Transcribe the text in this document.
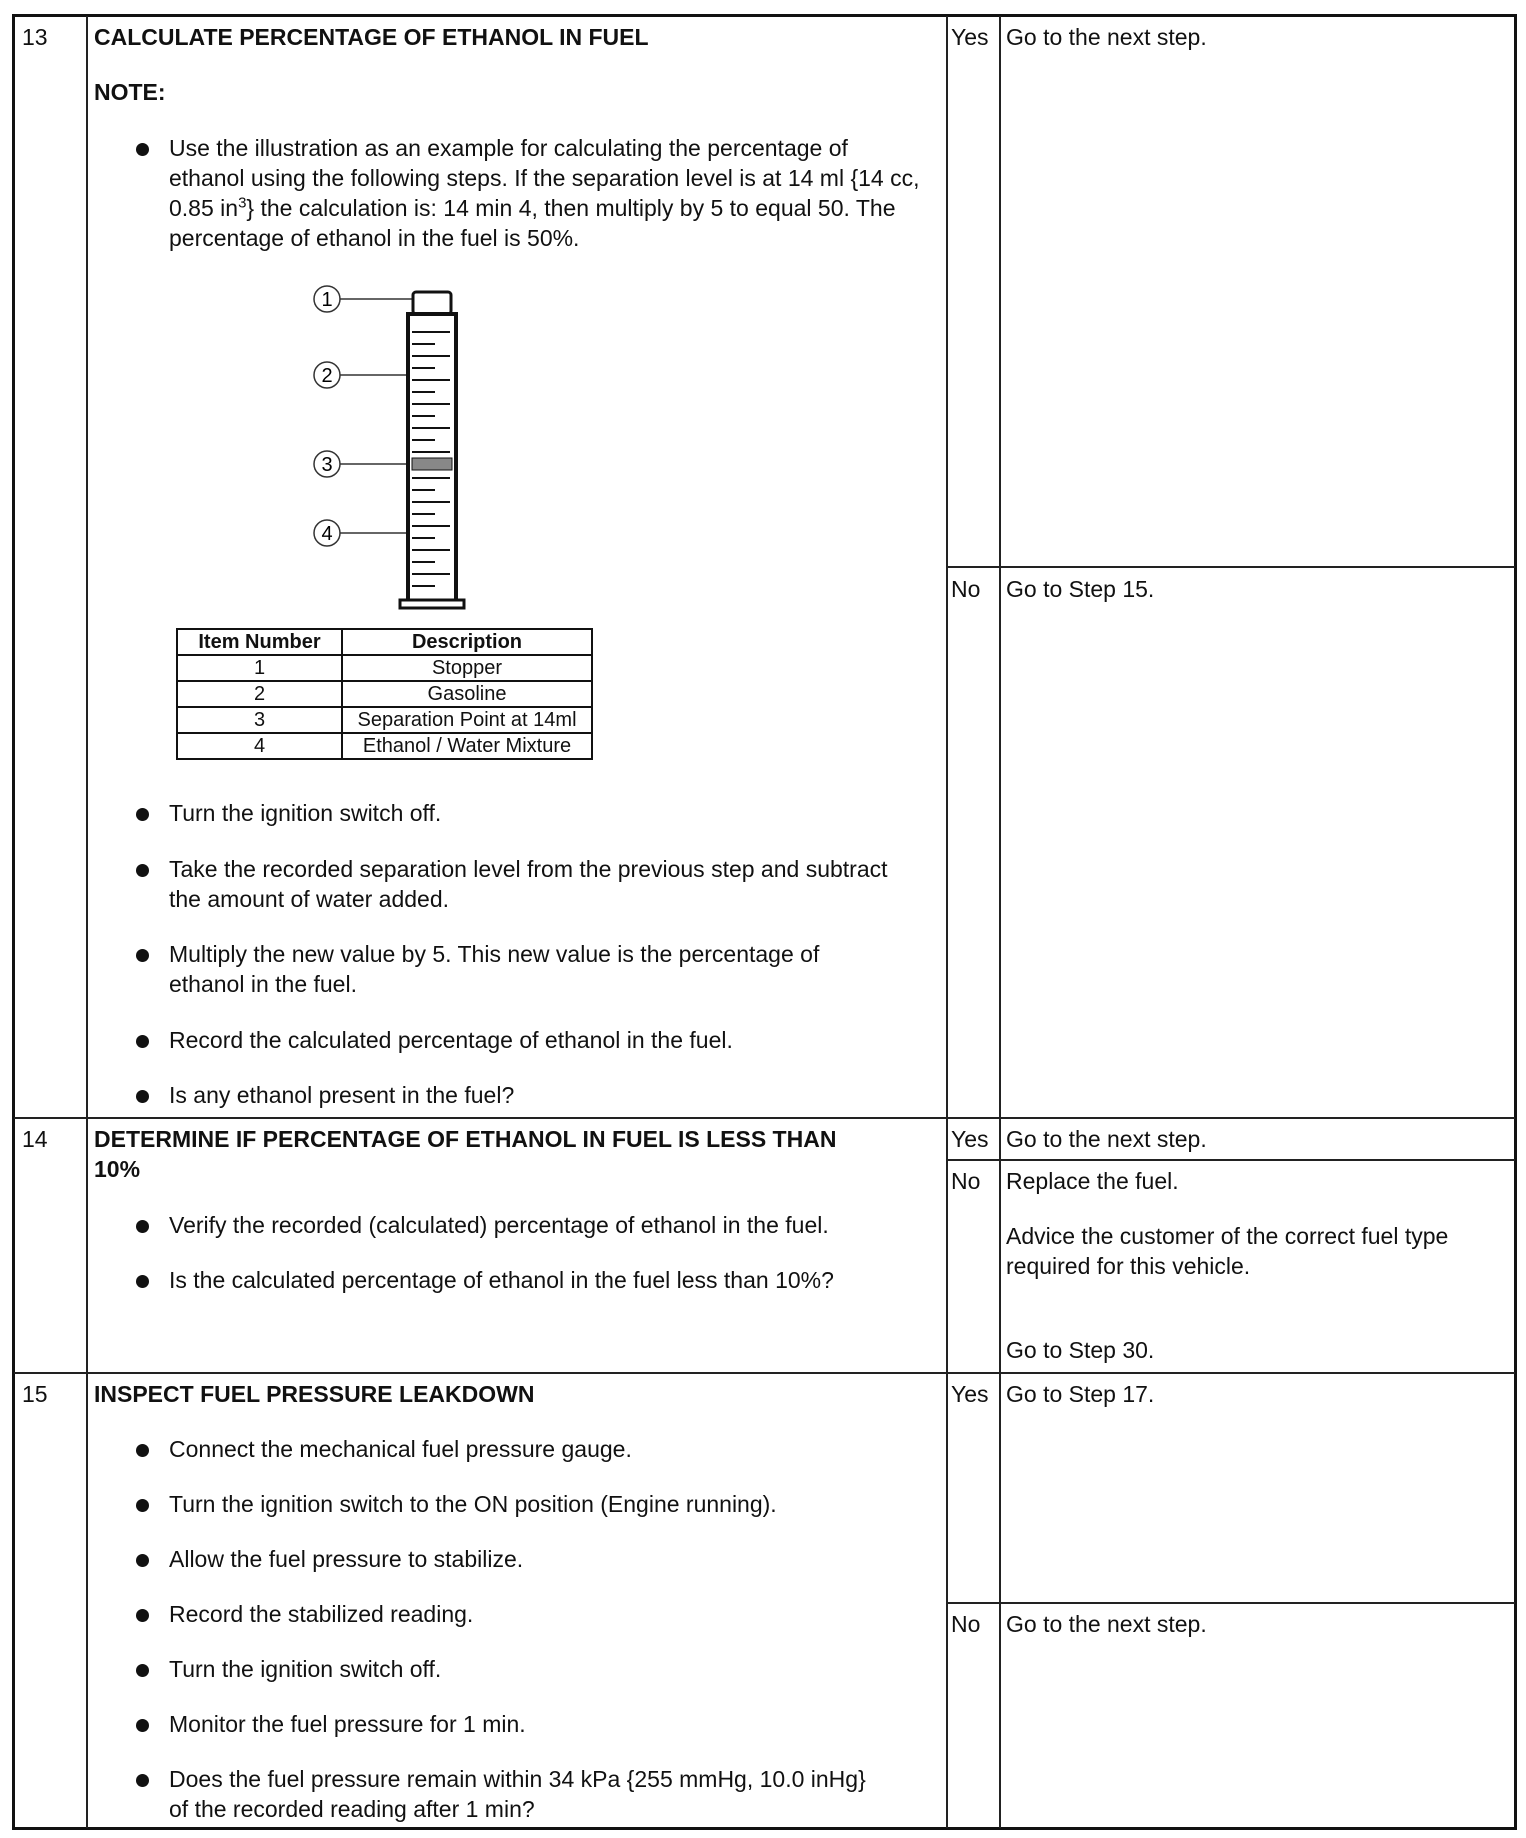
13 CALCULATE PERCENTAGE OF ETHANOL IN FUEL
NOTE:
Use the illustration as an example for calculating the percentage of ethanol using the following steps. If the separation level is at 14 ml {14 cc, 0.85 $in^3$} the calculation is: 14 min 4, then multiply by 5 to equal 50. The percentage of ethanol in the fuel is 50%.
1
2
3
4
Item Number	Description
1	Stopper
2	Gasoline
3	Separation Point at 14ml
4	Ethanol / Water Mixture
Turn the ignition switch off.
Take the recorded separation level from the previous step and subtract the amount of water added.
Multiply the new value by 5. This new value is the percentage of ethanol in the fuel.
Record the calculated percentage of ethanol in the fuel.
Is any ethanol present in the fuel?
Yes Go to the next step.
No Go to Step 15.
14 DETERMINE IF PERCENTAGE OF ETHANOL IN FUEL IS LESS THAN
10%
Verify the recorded (calculated) percentage of ethanol in the fuel.
Is the calculated percentage of ethanol in the fuel less than 10%?
Yes Go to the next step.
No Replace the fuel.
Advice the customer of the correct fuel type required for this vehicle.
Go to Step 30.
15 INSPECT FUEL PRESSURE LEAKDOWN
Connect the mechanical fuel pressure gauge.
Turn the ignition switch to the ON position (Engine running).
Allow the fuel pressure to stabilize.
Record the stabilized reading.
Turn the ignition switch off.
Monitor the fuel pressure for 1 min.
Does the fuel pressure remain within 34 kPa {255 mmHg, 10.0 inHg} of the recorded reading after 1 min?
Yes Go to Step 17.
No Go to the next step.
